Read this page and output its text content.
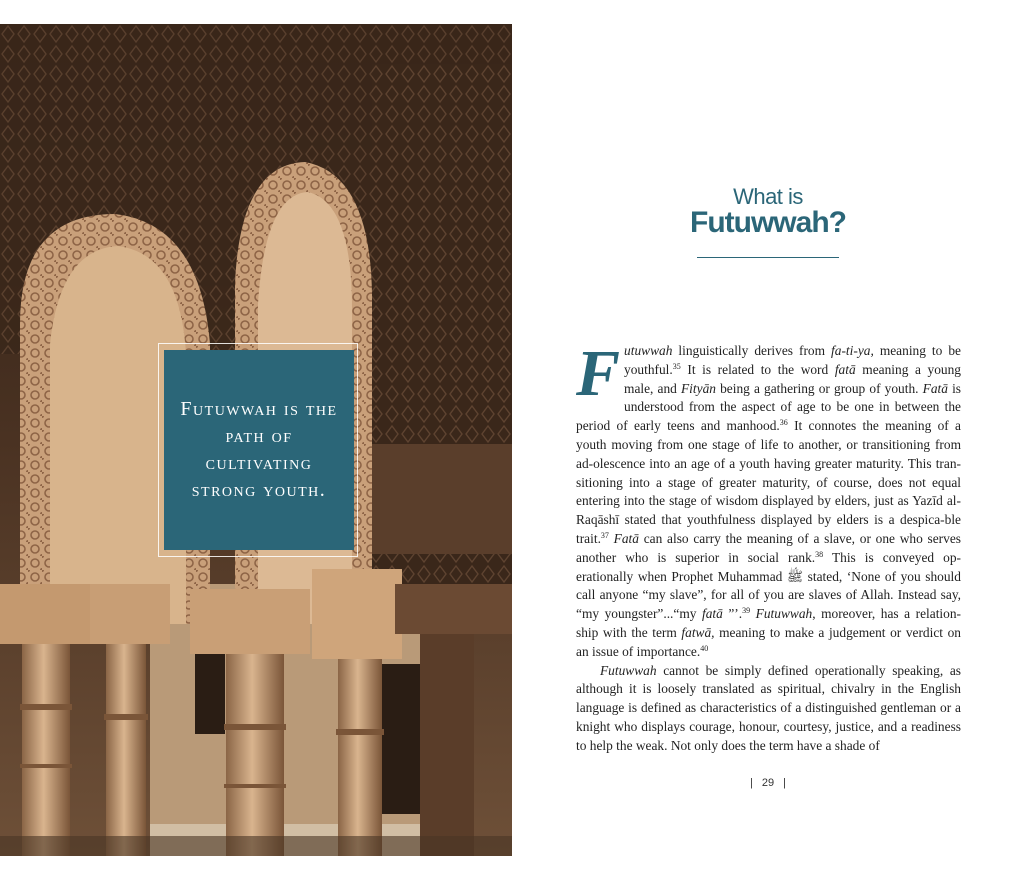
Futuwwah is the path of cultivating strong youth.
What is
Futuwwah?

Futuwwah linguistically derives from fa-ti-ya, meaning to be youthful.$^{35}$ It is related to the word fatā meaning a young male, and Fityān being a gathering or group of youth. Fatā is understood from the aspect of age to be one in between the period of early teens and manhood.$^{36}$ It connotes the meaning of a youth moving from one stage of life to another, or transitioning from ad-olescence into an age of a youth having greater maturity. This tran-sitioning into a stage of greater maturity, of course, does not equal entering into the stage of wisdom displayed by elders, just as Yazīd al-Raqāshī stated that youthfulness displayed by elders is a despica-ble trait.$^{37}$ Fatā can also carry the meaning of a slave, or one who serves another who is superior in social rank.$^{38}$ This is conveyed op-erationally when Prophet Muhammad ﷺ stated, ‘None of you should call anyone “my slave”, for all of you are slaves of Allah. Instead say, “my youngster”...“my fatā ”’.$^{39}$ Futuwwah, moreover, has a relation-ship with the term fatwā, meaning to make a judgement or verdict on an issue of importance.$^{40}$

Futuwwah cannot be simply defined operationally speaking, as although it is loosely translated as spiritual, chivalry in the English language is defined as characteristics of a distinguished gentleman or a knight who displays courage, honour, courtesy, justice, and a readiness to help the weak. Not only does the term have a shade of

| 29 |
